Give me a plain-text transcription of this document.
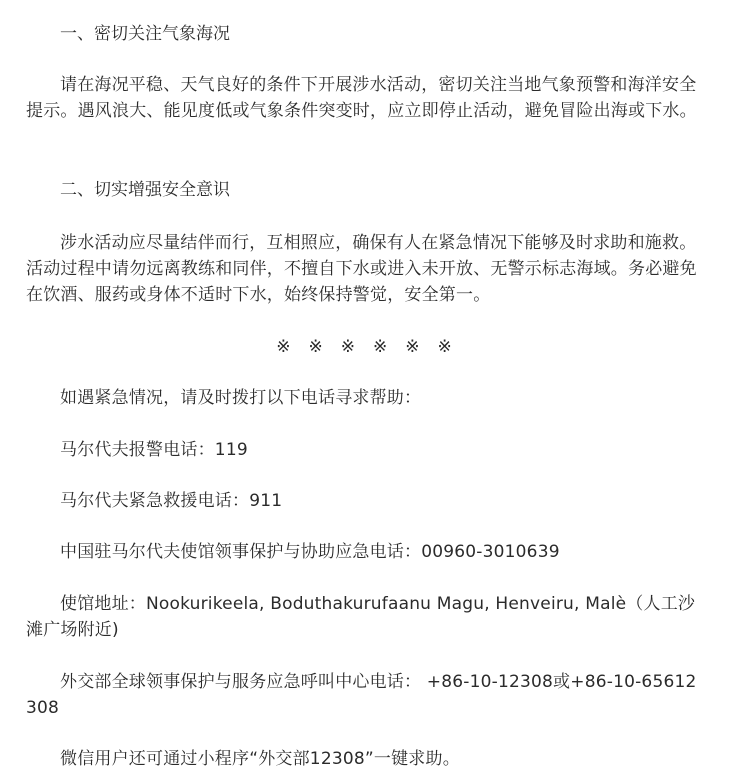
一、密切关注气象海况

请在海况平稳、天气良好的条件下开展涉水活动，密切关注当地气象预警和海洋安全提示。遇风浪大、能见度低或气象条件突变时，应立即停止活动，避免冒险出海或下水。

二、切实增强安全意识

涉水活动应尽量结伴而行，互相照应，确保有人在紧急情况下能够及时求助和施救。活动过程中请勿远离教练和同伴，不擅自下水或进入未开放、无警示标志海域。务必避免在饮酒、服药或身体不适时下水，始终保持警觉，安全第一。

※ ※ ※ ※ ※ ※

如遇紧急情况，请及时拨打以下电话寻求帮助：

马尔代夫报警电话：119

马尔代夫紧急救援电话：911

中国驻马尔代夫使馆领事保护与协助应急电话：00960-3010639

使馆地址：Nookurikeela, Boduthakurufaanu Magu, Henveiru, Malè（人工沙滩广场附近)

外交部全球领事保护与服务应急呼叫中心电话： +86-10-12308或+86-10-65612308

微信用户还可通过小程序“外交部12308”一键求助。
